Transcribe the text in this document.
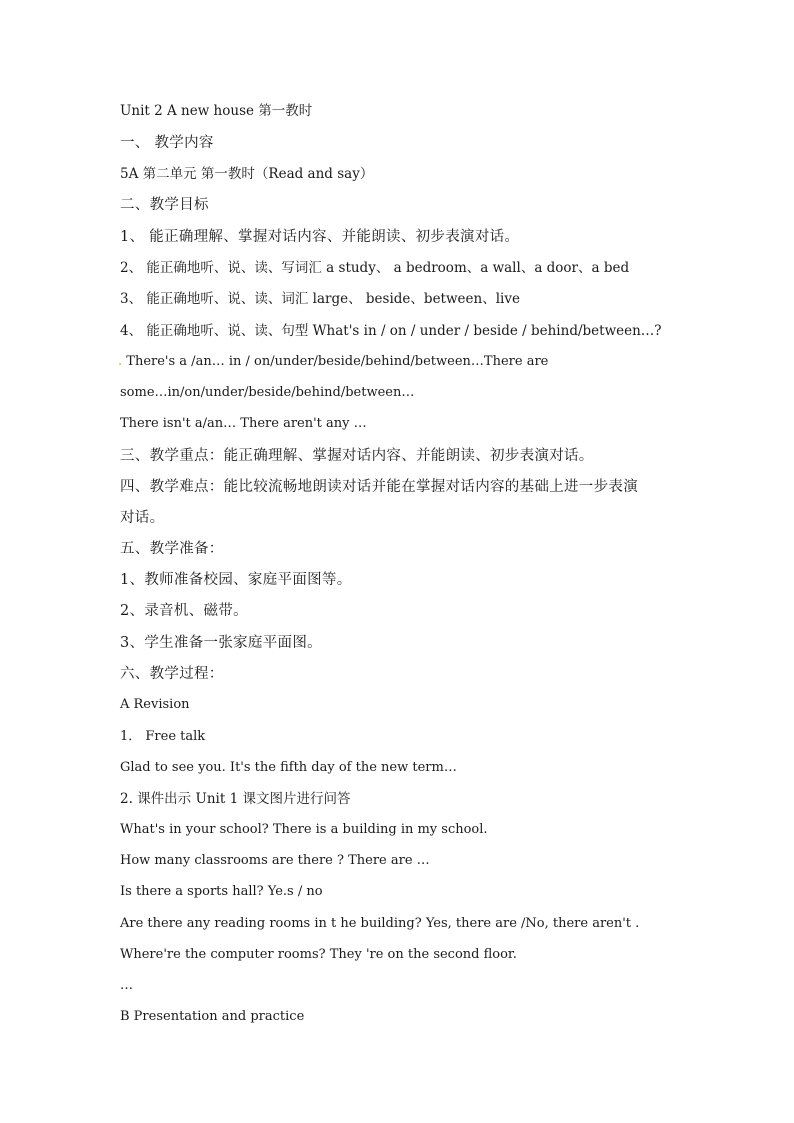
Unit 2 A new house 第一教时
一、 教学内容
5A 第二单元 第一教时（Read and say）
二、教学目标
1、 能正确理解、掌握对话内容、并能朗读、初步表演对话。
2、 能正确地听、说、读、写词汇 a study、 a bedroom、a wall、a door、a bed
3、 能正确地听、说、读、词汇 large、 beside、between、live
4、 能正确地听、说、读、句型 What's in / on / under / beside / behind/between…?
. There's a /an… in / on/under/beside/behind/between…There are
some…in/on/under/beside/behind/between…
There isn't a/an… There aren't any …
三、教学重点：能正确理解、掌握对话内容、并能朗读、初步表演对话。
四、教学难点：能比较流畅地朗读对话并能在掌握对话内容的基础上进一步表演
对话。
五、教学准备：
1、教师准备校园、家庭平面图等。
2、录音机、磁带。
3、学生准备一张家庭平面图。
六、教学过程：
A Revision
1． Free talk
Glad to see you. It's the fifth day of the new term…
2. 课件出示 Unit 1 课文图片进行问答
What's in your school? There is a building in my school.
How many classrooms are there ? There are …
Is there a sports hall? Ye.s / no
Are there any reading rooms in t he building? Yes, there are /No, there aren't .
Where're the computer rooms? They 're on the second floor.
…
B Presentation and practice
